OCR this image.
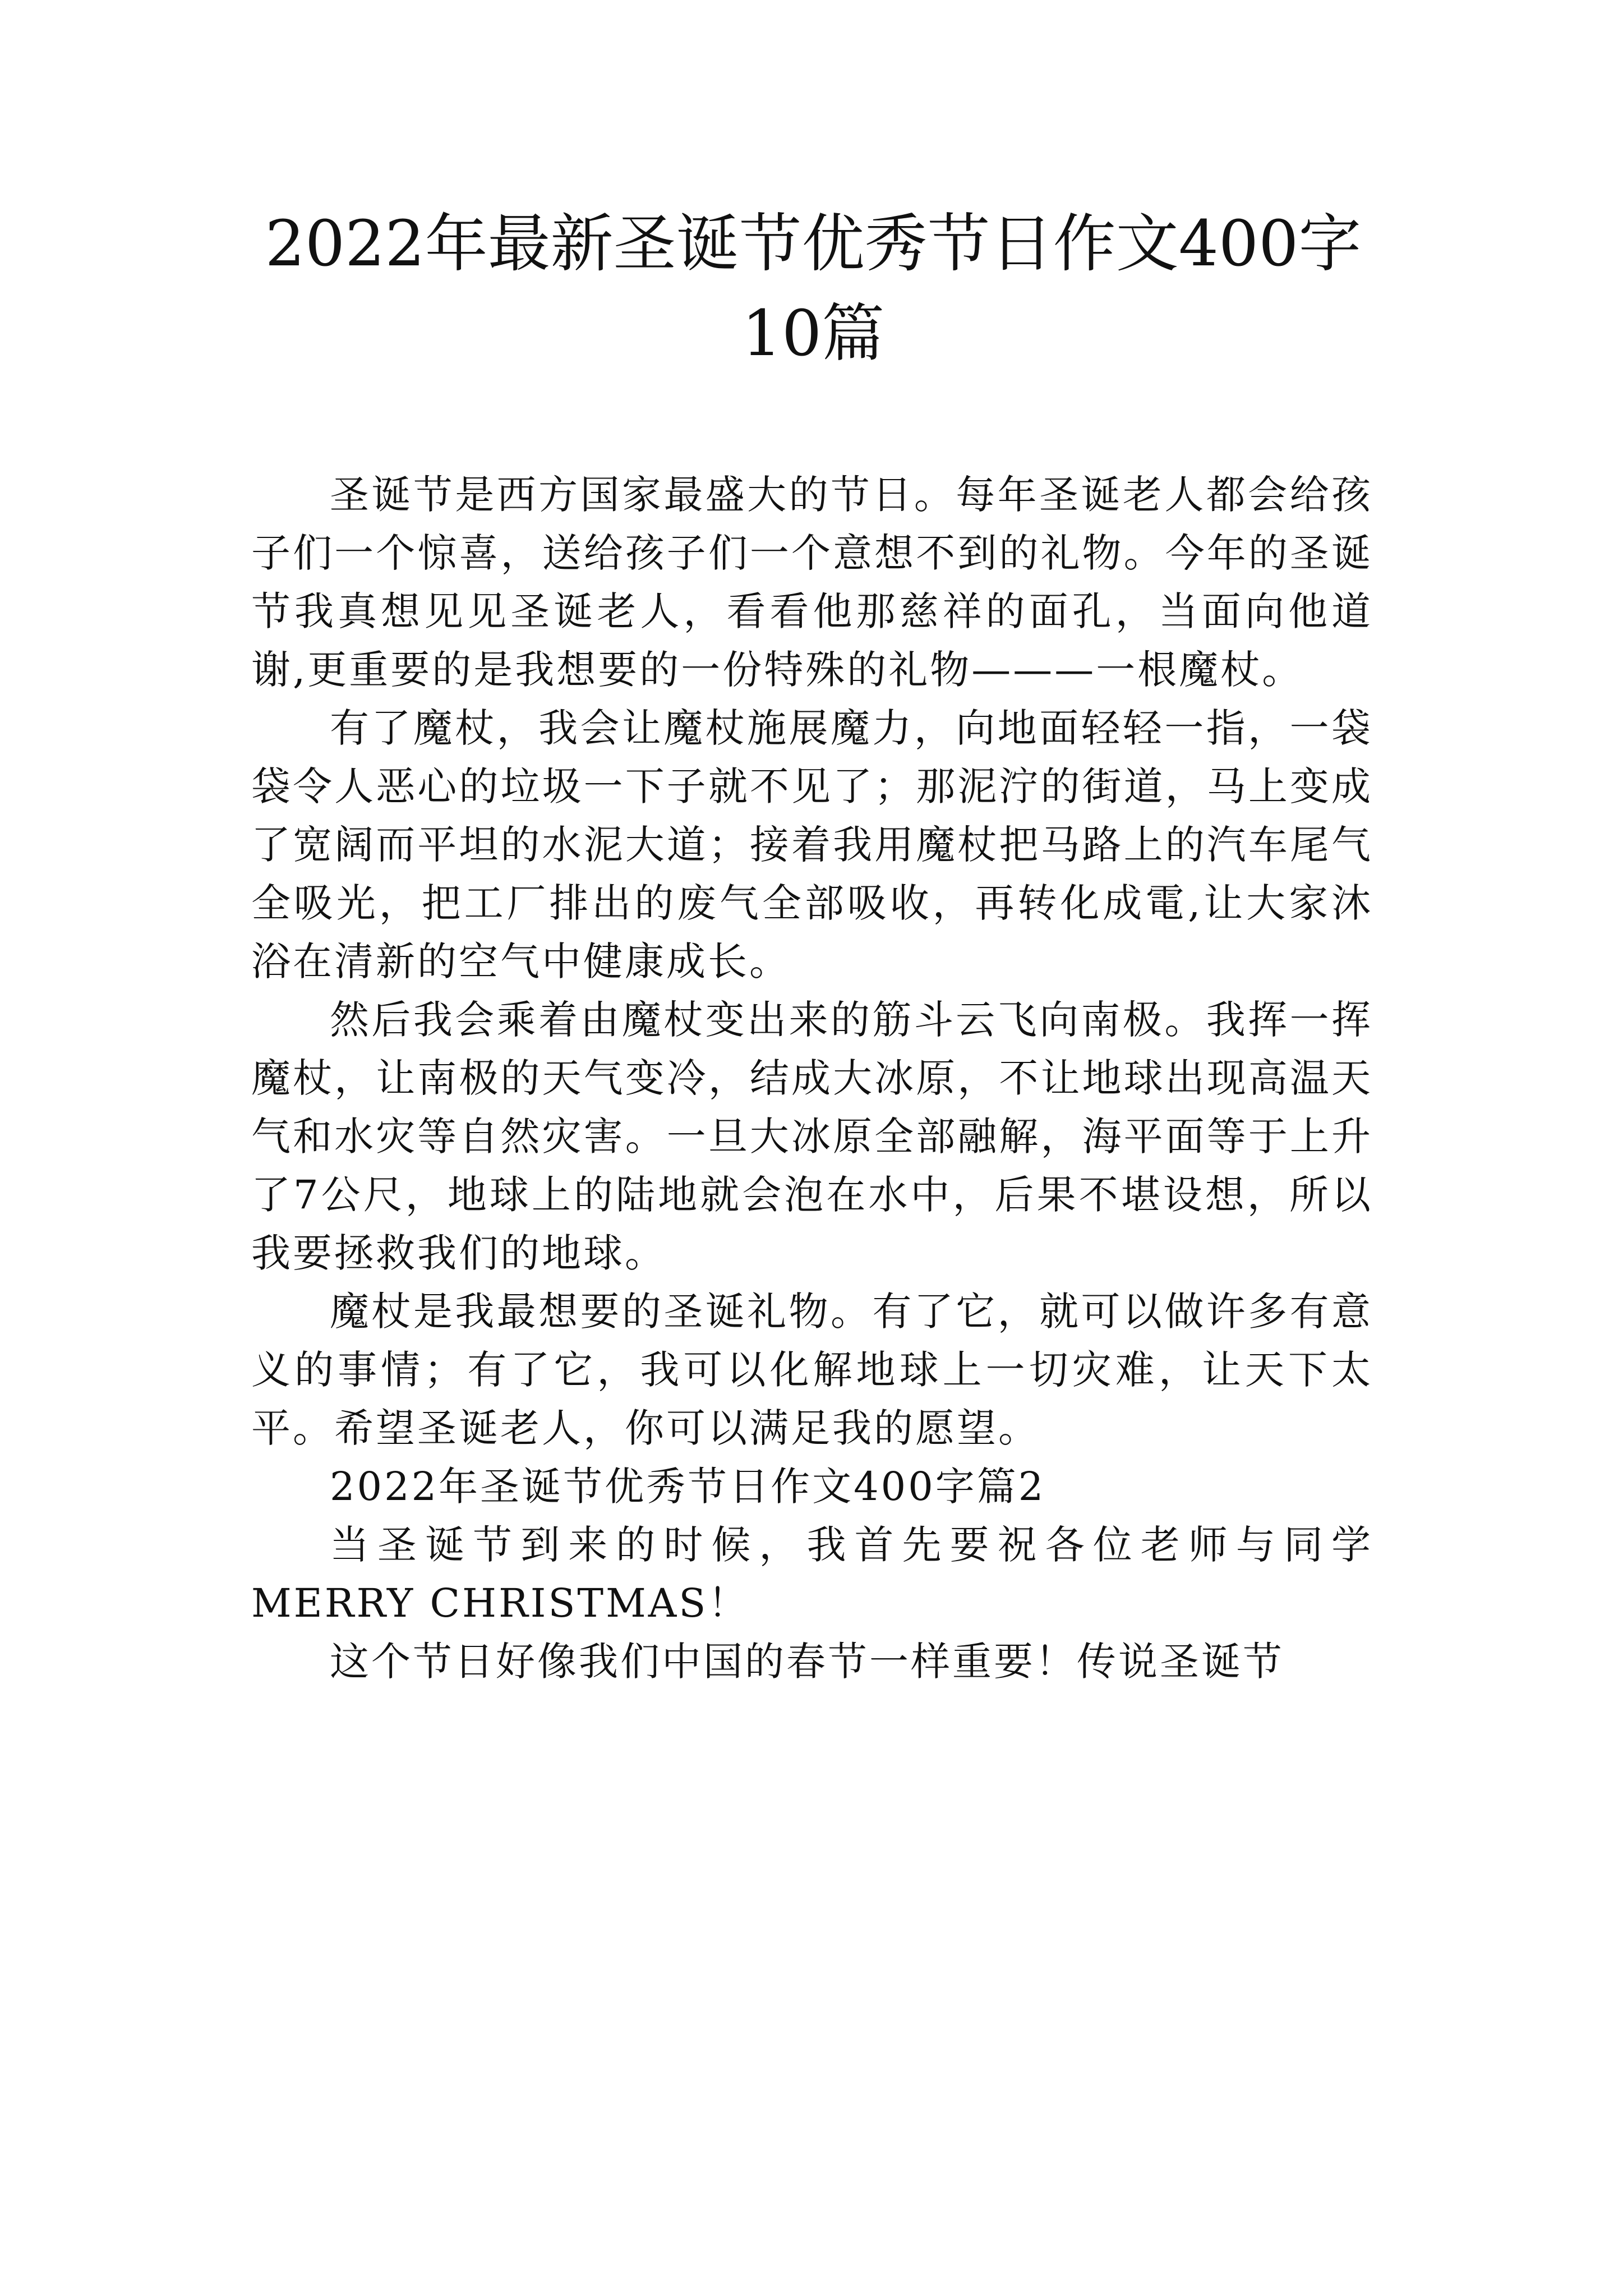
2022年最新圣诞节优秀节日作文400字10篇

圣诞节是西方国家最盛大的节日。每年圣诞老人都会给孩子们一个惊喜，送给孩子们一个意想不到的礼物。今年的圣诞节我真想见见圣诞老人，看看他那慈祥的面孔，当面向他道谢,更重要的是我想要的一份特殊的礼物———一根魔杖。

有了魔杖，我会让魔杖施展魔力，向地面轻轻一指，一袋袋令人恶心的垃圾一下子就不见了；那泥泞的街道，马上变成了宽阔而平坦的水泥大道；接着我用魔杖把马路上的汽车尾气全吸光，把工厂排出的废气全部吸收，再转化成電,让大家沐浴在清新的空气中健康成长。

然后我会乘着由魔杖变出来的筋斗云飞向南极。我挥一挥魔杖，让南极的天气变冷，结成大冰原，不让地球出现高温天气和水灾等自然灾害。一旦大冰原全部融解，海平面等于上升了7公尺，地球上的陆地就会泡在水中，后果不堪设想，所以我要拯救我们的地球。

魔杖是我最想要的圣诞礼物。有了它，就可以做许多有意义的事情；有了它，我可以化解地球上一切灾难，让天下太平。希望圣诞老人，你可以满足我的愿望。

2022年圣诞节优秀节日作文400字篇2

当圣诞节到来的时候，我首先要祝各位老师与同学MERRY CHRISTMAS！

这个节日好像我们中国的春节一样重要！传说圣诞节
